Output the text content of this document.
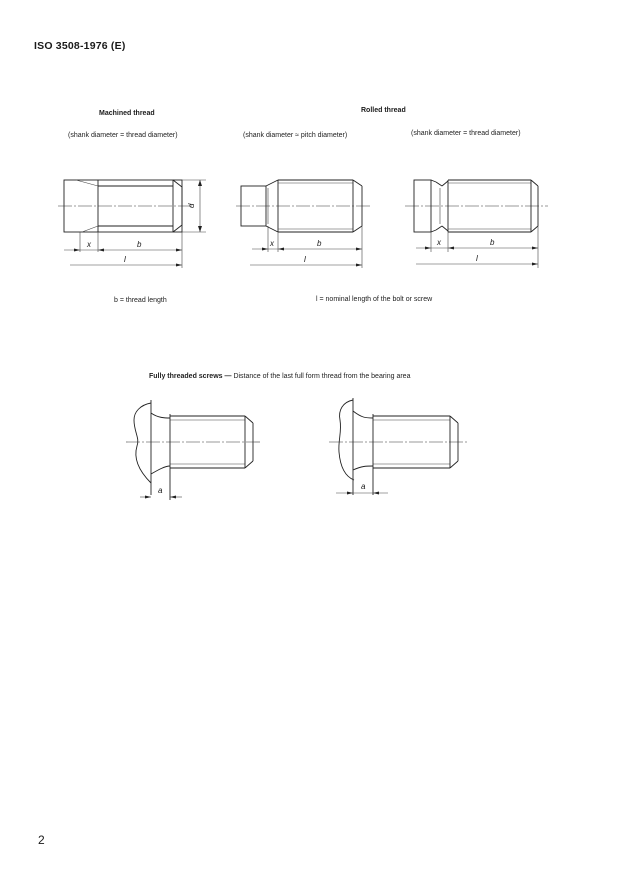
ISO 3508-1976 (E)
Machined thread	Rolled thread
(shank diameter = thread diameter)	(shank diameter ≈ pitch diameter)	(shank diameter = thread diameter)
d
x	b
l
x	b
l
x	b
l
a	a
b = thread length	l = nominal length of the bolt or screw
Fully threaded screws — Distance of the last full form thread from the bearing area
2
